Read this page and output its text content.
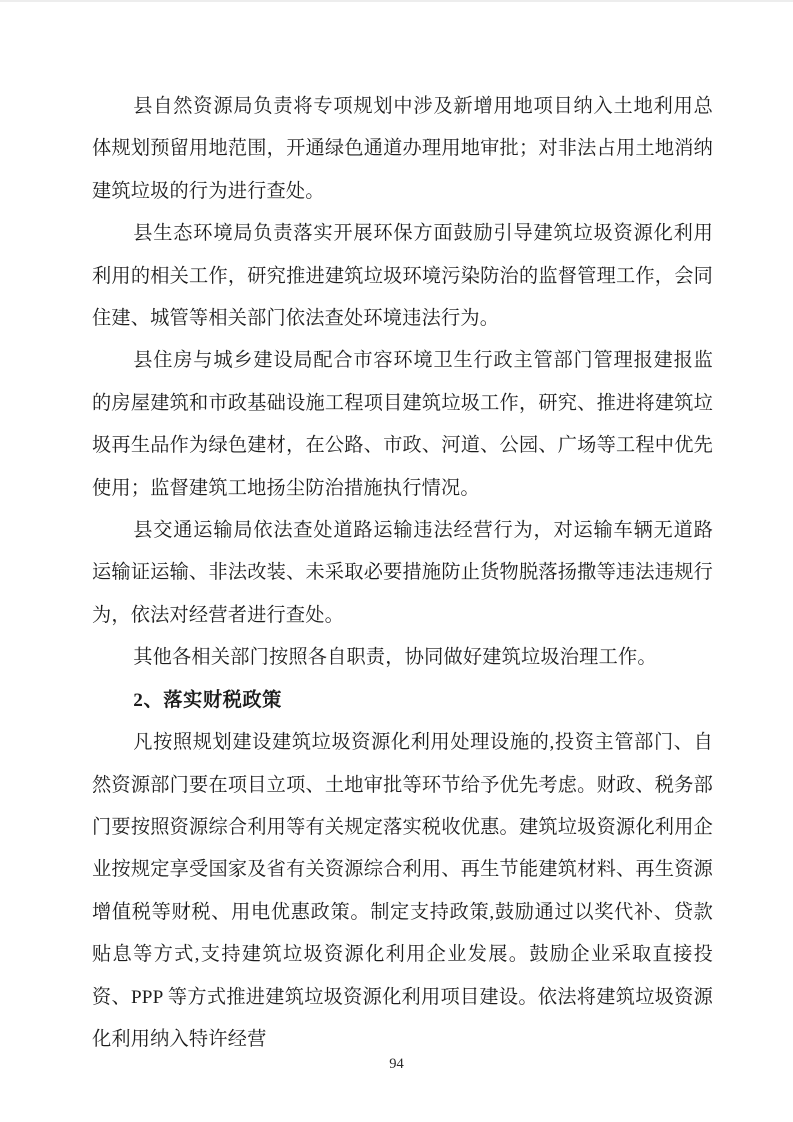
县自然资源局负责将专项规划中涉及新增用地项目纳入土地利用总体规划预留用地范围，开通绿色通道办理用地审批；对非法占用土地消纳建筑垃圾的行为进行查处。

县生态环境局负责落实开展环保方面鼓励引导建筑垃圾资源化利用利用的相关工作，研究推进建筑垃圾环境污染防治的监督管理工作，会同住建、城管等相关部门依法查处环境违法行为。

县住房与城乡建设局配合市容环境卫生行政主管部门管理报建报监的房屋建筑和市政基础设施工程项目建筑垃圾工作，研究、推进将建筑垃圾再生品作为绿色建材，在公路、市政、河道、公园、广场等工程中优先使用；监督建筑工地扬尘防治措施执行情况。

县交通运输局依法查处道路运输违法经营行为，对运输车辆无道路运输证运输、非法改装、未采取必要措施防止货物脱落扬撒等违法违规行为，依法对经营者进行查处。

其他各相关部门按照各自职责，协同做好建筑垃圾治理工作。

2、落实财税政策

凡按照规划建设建筑垃圾资源化利用处理设施的,投资主管部门、自然资源部门要在项目立项、土地审批等环节给予优先考虑。财政、税务部门要按照资源综合利用等有关规定落实税收优惠。建筑垃圾资源化利用企业按规定享受国家及省有关资源综合利用、再生节能建筑材料、再生资源增值税等财税、用电优惠政策。制定支持政策,鼓励通过以奖代补、贷款贴息等方式,支持建筑垃圾资源化利用企业发展。鼓励企业采取直接投资、PPP 等方式推进建筑垃圾资源化利用项目建设。依法将建筑垃圾资源化利用纳入特许经营

94
